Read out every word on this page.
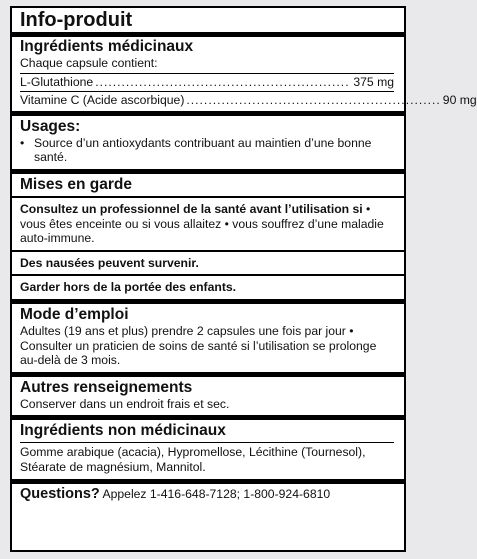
Info-produit
Ingrédients médicinaux
Chaque capsule contient:
L-Glutathione .......................................................... 375 mg
Vitamine C (Acide ascorbique) .......................................................... 90 mg
Usages:
• Source d’un antioxydants contribuant au maintien d’une bonne santé.
Mises en garde
Consultez un professionnel de la santé avant l’utilisation si • vous êtes enceinte ou si vous allaitez • vous souffrez d’une maladie auto-immune.
Des nausées peuvent survenir.
Garder hors de la portée des enfants.
Mode d’emploi
Adultes (19 ans et plus) prendre 2 capsules une fois par jour • Consulter un praticien de soins de santé si l’utilisation se prolonge au-delà de 3 mois.
Autres renseignements
Conserver dans un endroit frais et sec.
Ingrédients non médicinaux
Gomme arabique (acacia), Hypromellose, Lécithine (Tournesol), Stéarate de magnésium, Mannitol.
Questions? Appelez 1-416-648-7128; 1-800-924-6810
